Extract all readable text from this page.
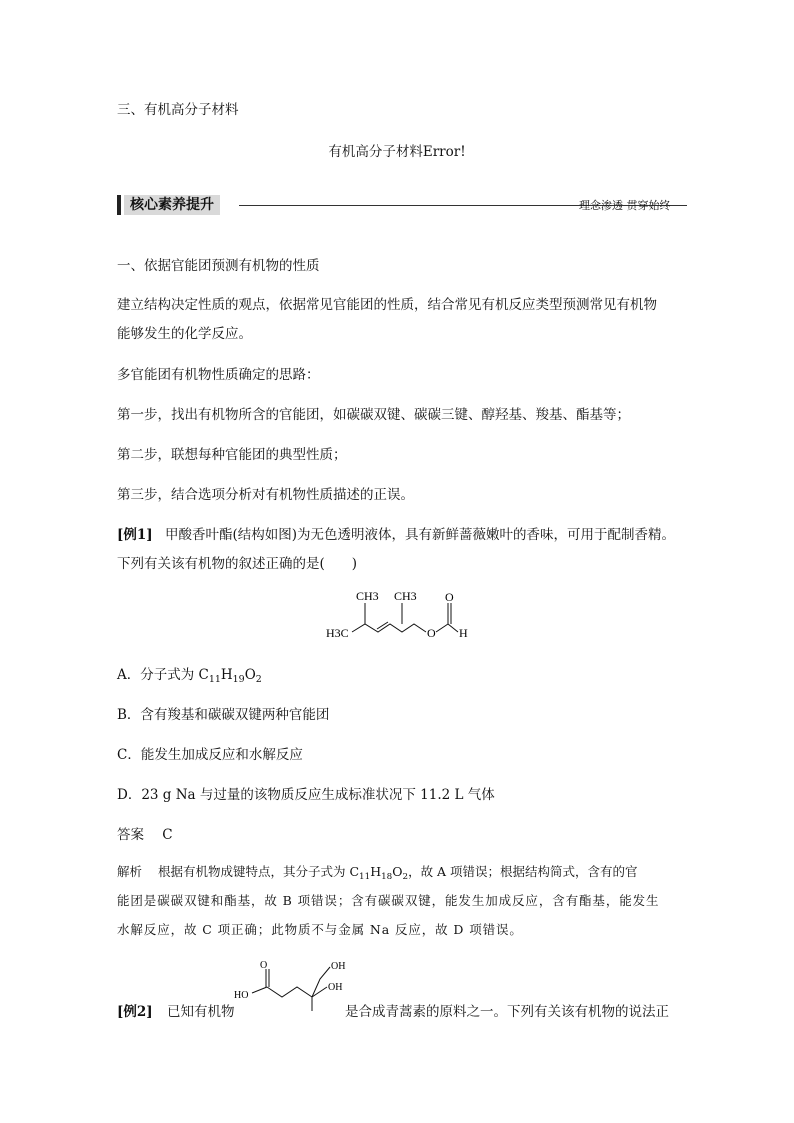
三、有机高分子材料
有机高分子材料Error!
核心素养提升	理念渗透 贯穿始终
一、依据官能团预测有机物的性质
建立结构决定性质的观点，依据常见官能团的性质，结合常见有机反应类型预测常见有机物
能够发生的化学反应。
多官能团有机物性质确定的思路：
第一步，找出有机物所含的官能团，如碳碳双键、碳碳三键、醇羟基、羧基、酯基等；
第二步，联想每种官能团的典型性质；
第三步，结合选项分析对有机物性质描述的正误。
[例1] 甲酸香叶酯(结构如图)为无色透明液体，具有新鲜蔷薇嫩叶的香味，可用于配制香精。
下列有关该有机物的叙述正确的是(　　)
CH3 CH3
H3C	O
O
H
A．分子式为 $C_{11}H_{19}O_2$
B．含有羧基和碳碳双键两种官能团
C．能发生加成反应和水解反应
D．23 g Na 与过量的该物质反应生成标准状况下 11.2 L 气体
答案 C
解析 根据有机物成键特点，其分子式为 $C_{11}H_{18}O_2$，故 A 项错误；根据结构简式，含有的官
能团是碳碳双键和酯基，故 B 项错误；含有碳碳双键，能发生加成反应，含有酯基，能发生
水解反应，故 C 项正确；此物质不与金属 Na 反应，故 D 项错误。
[例2] 已知有机物
O
HO
OH
OH
是合成青蒿素的原料之一。下列有关该有机物的说法正
